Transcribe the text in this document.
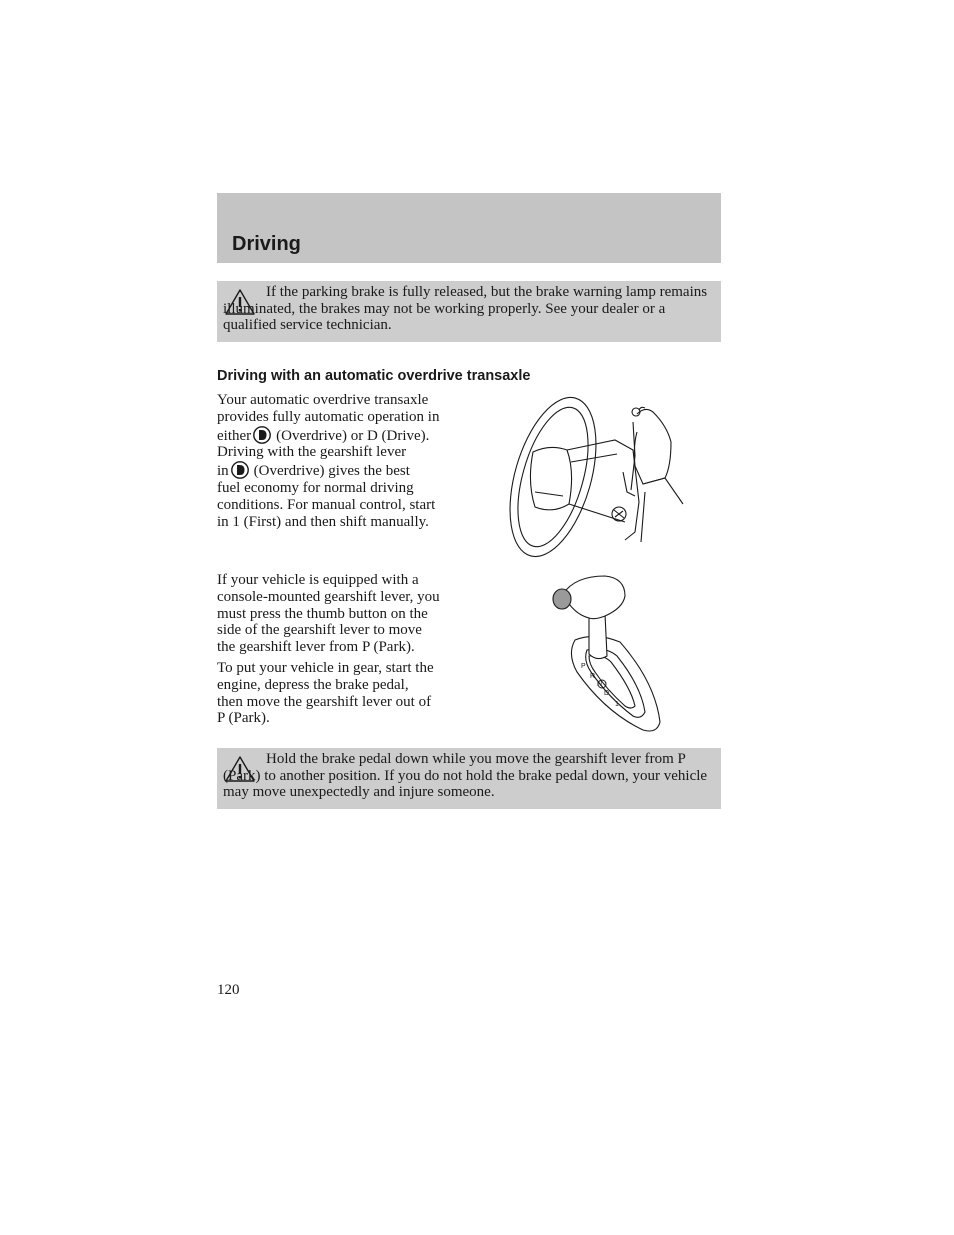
Driving

If the parking brake is fully released, but the brake warning lamp remains illuminated, the brakes may not be working properly. See your dealer or a qualified service technician.

Driving with an automatic overdrive transaxle

Your automatic overdrive transaxle
provides fully automatic operation in
either (Overdrive) or D (Drive).
Driving with the gearshift lever
in (Overdrive) gives the best
fuel economy for normal driving
conditions. For manual control, start
in 1 (First) and then shift manually.

If your vehicle is equipped with a
console-mounted gearshift lever, you
must press the thumb button on the
side of the gearshift lever to move
the gearshift lever from P (Park).

To put your vehicle in gear, start the
engine, depress the brake pedal,
then move the gearshift lever out of
P (Park).

P
R
N
D
1

Hold the brake pedal down while you move the gearshift lever from P (Park) to another position. If you do not hold the brake pedal down, your vehicle may move unexpectedly and injure someone.

120
